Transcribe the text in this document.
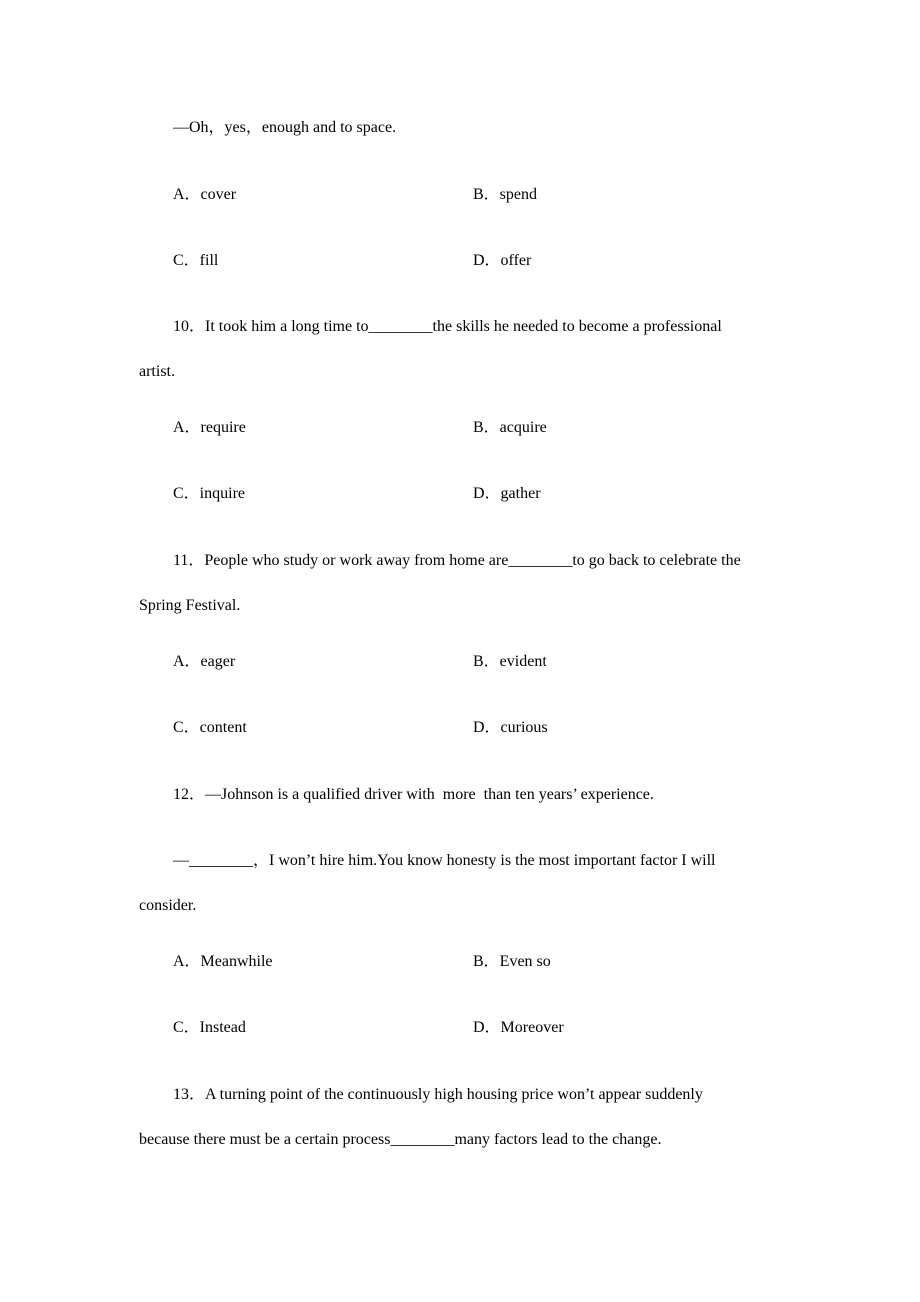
—Oh，yes，enough and to space.
A．cover	B．spend
C．fill	D．offer
10．It took him a long time to________the skills he needed to become a professional
artist.
A．require	B．acquire
C．inquire	D．gather
11．People who study or work away from home are________to go back to celebrate the
Spring Festival.
A．eager	B．evident
C．content	D．curious
12．—Johnson is a qualified driver with  more  than ten years’ experience.
—________，I won’t hire him.You know honesty is the most important factor I will
consider.
A．Meanwhile	B．Even so
C．Instead	D．Moreover
13．A turning point of the continuously high housing price won’t appear suddenly
because there must be a certain process________many factors lead to the change.
